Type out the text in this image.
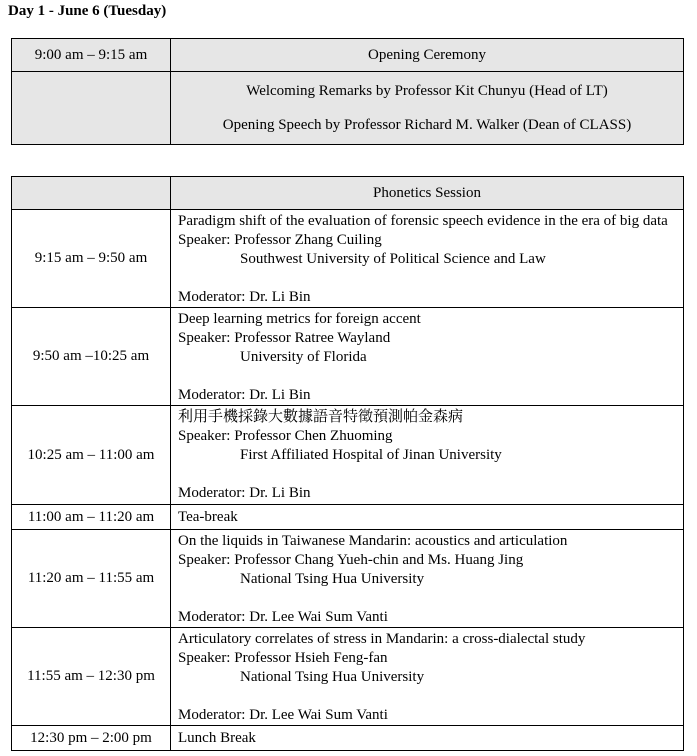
Day 1 - June 6 (Tuesday)
9:00 am – 9:15 am	Opening Ceremony

	Welcoming Remarks by Professor Kit Chunyu (Head of LT)

Opening Speech by Professor Richard M. Walker (Dean of CLASS)

	Phonetics Session
9:15 am – 9:50 am	Paradigm shift of the evaluation of forensic speech evidence in the era of big data

Speaker: Professor Zhang Cuiling

Southwest University of Political Science and Law

Moderator: Dr. Li Bin

9:50 am –10:25 am	Deep learning metrics for foreign accent

Speaker: Professor Ratree Wayland

University of Florida

Moderator: Dr. Li Bin

10:25 am – 11:00 am	利用手機採錄大數據語音特徵預測帕金森病

Speaker: Professor Chen Zhuoming

First Affiliated Hospital of Jinan University

Moderator: Dr. Li Bin

11:00 am – 11:20 am	Tea-break
11:20 am – 11:55 am	On the liquids in Taiwanese Mandarin: acoustics and articulation

Speaker: Professor Chang Yueh-chin and Ms. Huang Jing

National Tsing Hua University

Moderator: Dr. Lee Wai Sum Vanti

11:55 am – 12:30 pm	Articulatory correlates of stress in Mandarin: a cross-dialectal study

Speaker: Professor Hsieh Feng-fan

National Tsing Hua University

Moderator: Dr. Lee Wai Sum Vanti

12:30 pm – 2:00 pm	Lunch Break
